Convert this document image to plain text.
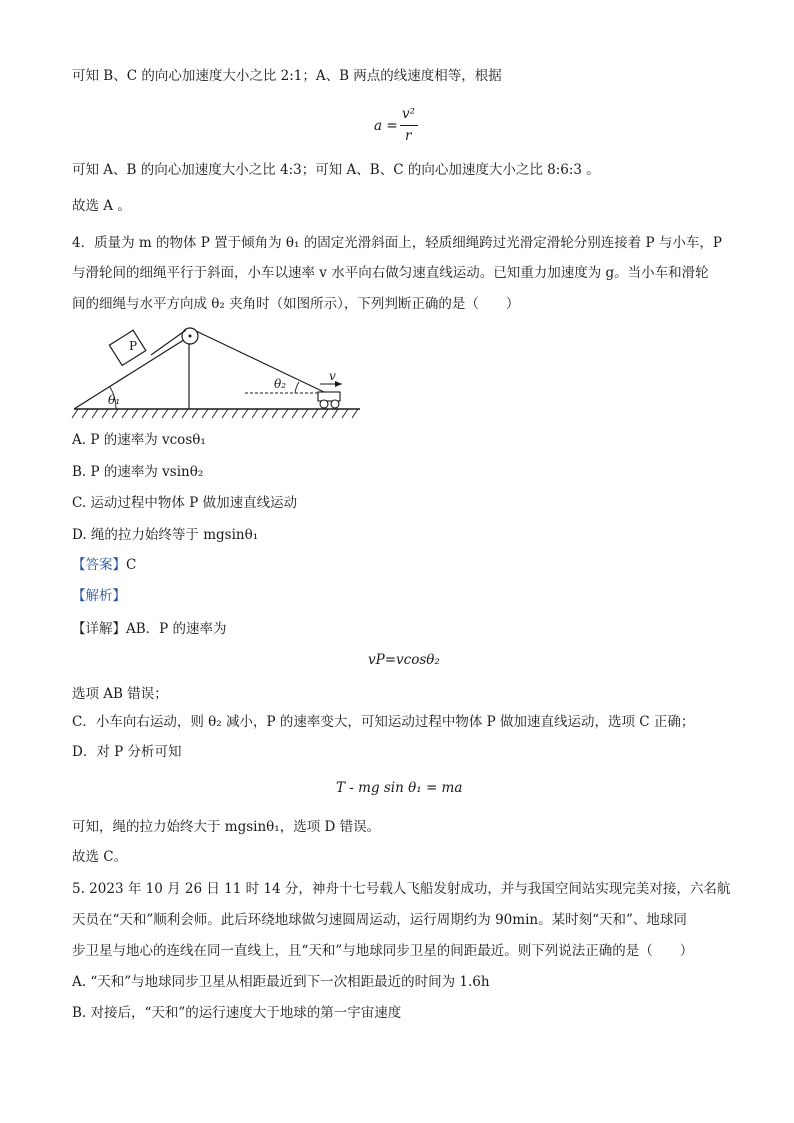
可知 B、C 的向心加速度大小之比 2:1；A、B 两点的线速度相等，根据
a =
v²
r
可知 A、B 的向心加速度大小之比 4:3；可知 A、B、C 的向心加速度大小之比 8:6:3 。
故选 A 。
4．质量为 m 的物体 P 置于倾角为 θ₁ 的固定光滑斜面上，轻质细绳跨过光滑定滑轮分别连接着 P 与小车，P
与滑轮间的细绳平行于斜面，小车以速率 v 水平向右做匀速直线运动。已知重力加速度为 g。当小车和滑轮
间的细绳与水平方向成 θ₂ 夹角时（如图所示），下列判断正确的是（　　）
P
θ₁
θ₂
v
A. P 的速率为 vcosθ₁
B. P 的速率为 vsinθ₂
C. 运动过程中物体 P 做加速直线运动
D. 绳的拉力始终等于 mgsinθ₁
【答案】C
【解析】
【详解】AB．P 的速率为
vP=vcosθ₂
选项 AB 错误；
C．小车向右运动，则 θ₂ 减小，P 的速率变大，可知运动过程中物体 P 做加速直线运动，选项 C 正确；
D．对 P 分析可知
T - mg sin θ₁ = ma
可知，绳的拉力始终大于 mgsinθ₁，选项 D 错误。
故选 C。
5. 2023 年 10 月 26 日 11 时 14 分，神舟十七号载人飞船发射成功，并与我国空间站实现完美对接，六名航
天员在“天和”顺利会师。此后环绕地球做匀速圆周运动，运行周期约为 90min。某时刻“天和”、地球同
步卫星与地心的连线在同一直线上，且“天和”与地球同步卫星的间距最近。则下列说法正确的是（　　）
A. “天和”与地球同步卫星从相距最近到下一次相距最近的时间为 1.6h
B. 对接后，“天和”的运行速度大于地球的第一宇宙速度
